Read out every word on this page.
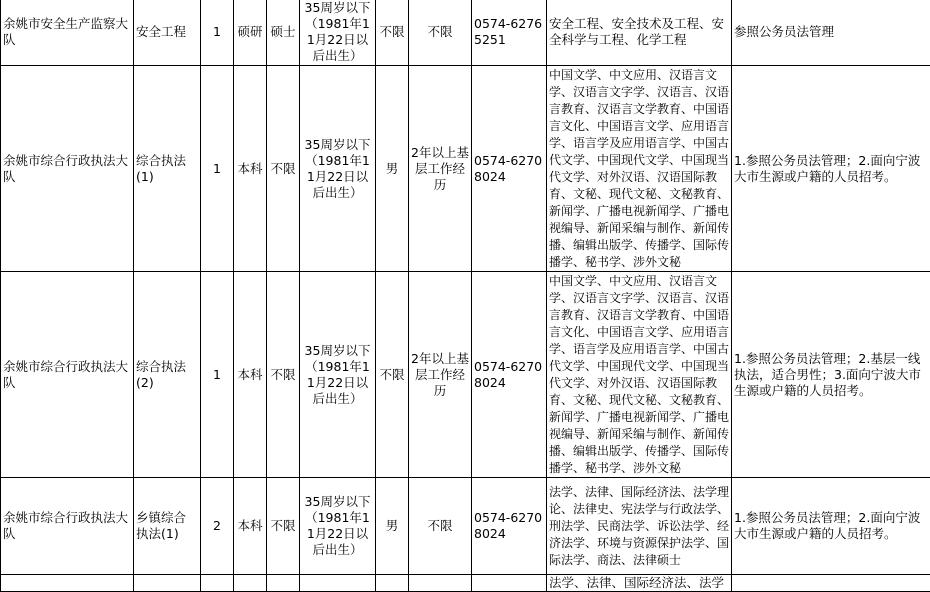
余姚市安全生产监察大队	安全工程	1	硕研	硕士	35周岁以下（1981年11月22日以后出生）	不限	不限	0574-62765251	安全工程、安全技术及工程、安全科学与工程、化学工程	参照公务员法管理
余姚市综合行政执法大队	综合执法(1)	1	本科	不限	35周岁以下（1981年11月22日以后出生）	男	2年以上基层工作经历	0574-62708024	中国文学、中文应用、汉语言文学、汉语言文字学、汉语言、汉语言教育、汉语言文学教育、中国语言文化、中国语言文学、应用语言学、语言学及应用语言学、中国古代文学、中国现代文学、中国现当代文学、对外汉语、汉语国际教育、文秘、现代文秘、文秘教育、新闻学、广播电视新闻学、广播电视编导、新闻采编与制作、新闻传播、编辑出版学、传播学、国际传播学、秘书学、涉外文秘	1.参照公务员法管理；2.面向宁波大市生源或户籍的人员招考。
余姚市综合行政执法大队	综合执法(2)	1	本科	不限	35周岁以下（1981年11月22日以后出生）	不限	2年以上基层工作经历	0574-62708024	中国文学、中文应用、汉语言文学、汉语言文字学、汉语言、汉语言教育、汉语言文学教育、中国语言文化、中国语言文学、应用语言学、语言学及应用语言学、中国古代文学、中国现代文学、中国现当代文学、对外汉语、汉语国际教育、文秘、现代文秘、文秘教育、新闻学、广播电视新闻学、广播电视编导、新闻采编与制作、新闻传播、编辑出版学、传播学、国际传播学、秘书学、涉外文秘	1.参照公务员法管理；2.基层一线执法，适合男性；3.面向宁波大市生源或户籍的人员招考。
余姚市综合行政执法大队	乡镇综合执法(1)	2	本科	不限	35周岁以下（1981年11月22日以后出生）	男	不限	0574-62708024	法学、法律、国际经济法、法学理论、法律史、宪法学与行政法学、刑法学、民商法学、诉讼法学、经济法学、环境与资源保护法学、国际法学、商法、法律硕士	1.参照公务员法管理；2.面向宁波大市生源或户籍的人员招考。
									法学、法律、国际经济法、法学	
